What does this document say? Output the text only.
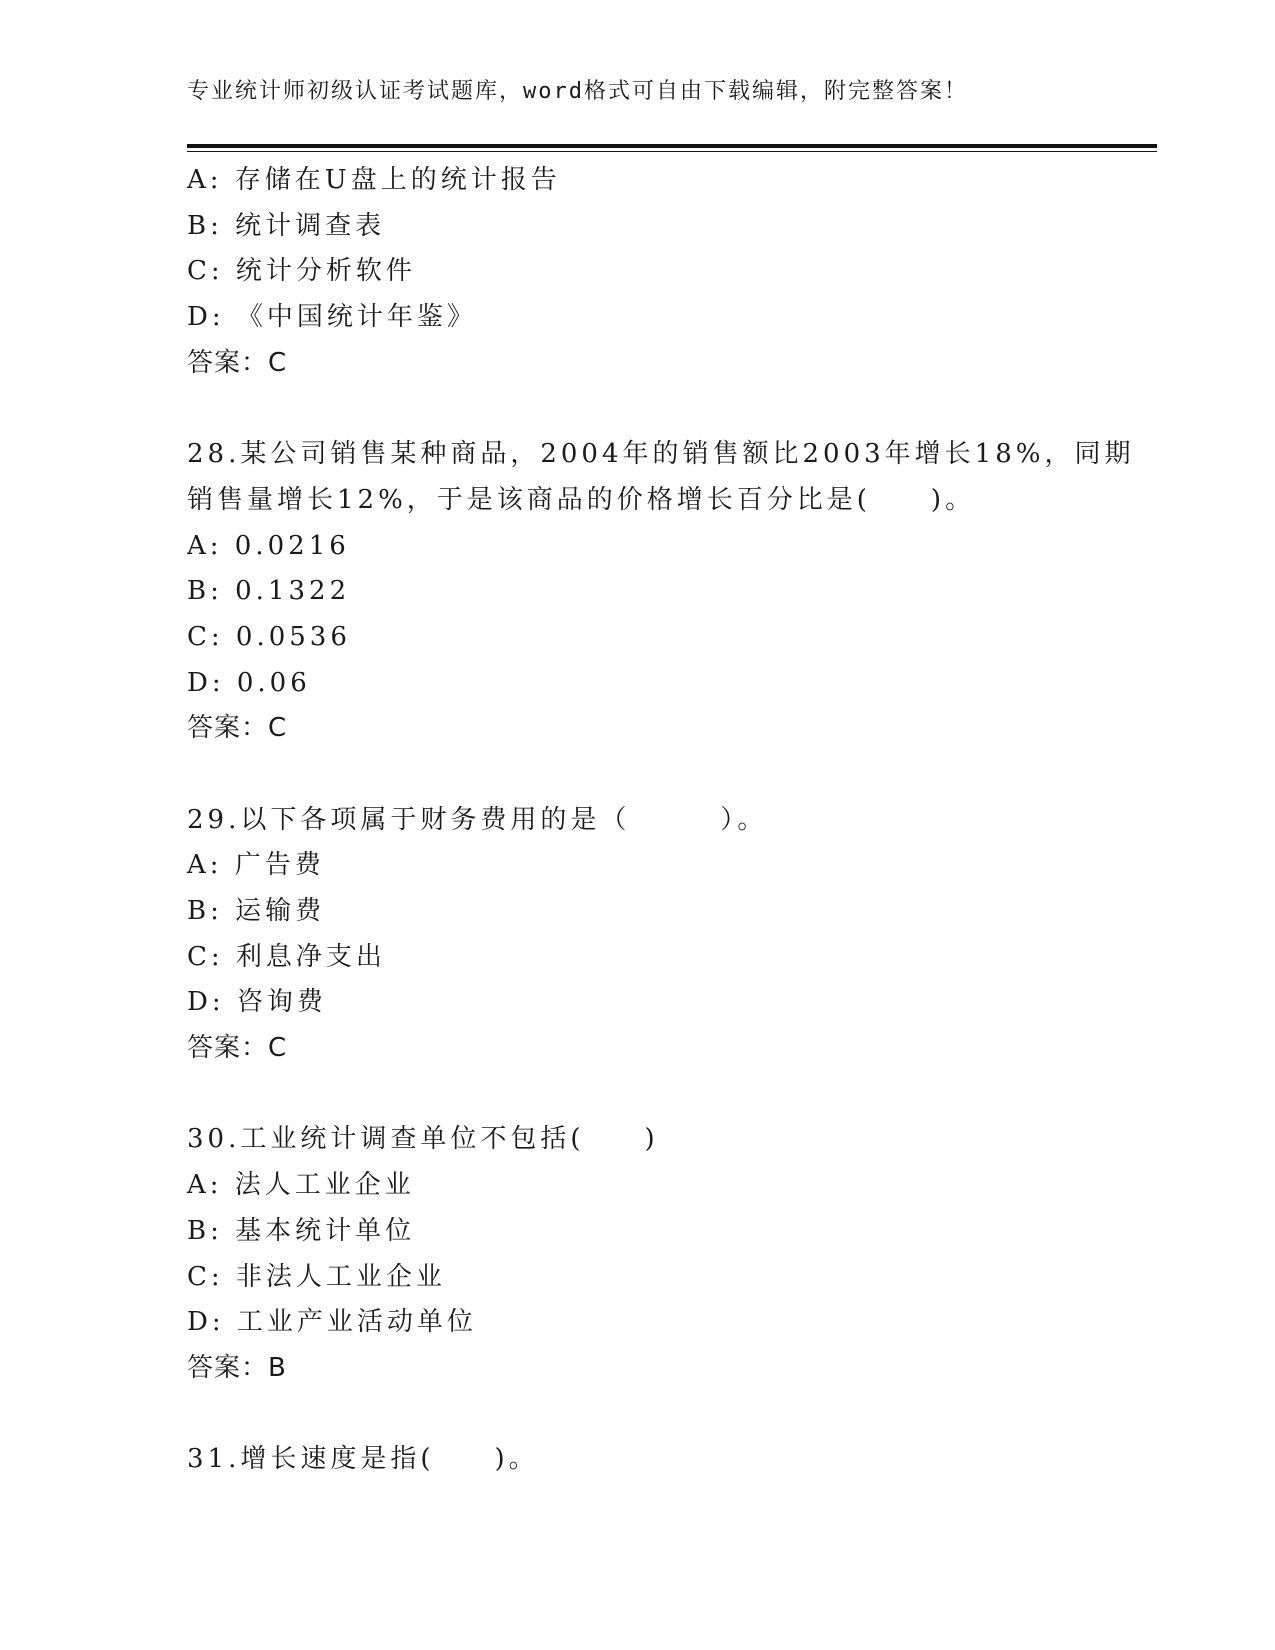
专业统计师初级认证考试题库，word格式可自由下载编辑，附完整答案！
A: 存储在U盘上的统计报告
B: 统计调查表
C: 统计分析软件
D: 《中国统计年鉴》
答案：C
28.某公司销售某种商品，2004年的销售额比2003年增长18%，同期
销售量增长12%，于是该商品的价格增长百分比是(　　)。
A: 0.0216
B: 0.1322
C: 0.0536
D: 0.06
答案：C
29.以下各项属于财务费用的是（　　　）。
A: 广告费
B: 运输费
C: 利息净支出
D: 咨询费
答案：C
30.工业统计调查单位不包括(　　)
A: 法人工业企业
B: 基本统计单位
C: 非法人工业企业
D: 工业产业活动单位
答案：B
31.增长速度是指(　　)。
